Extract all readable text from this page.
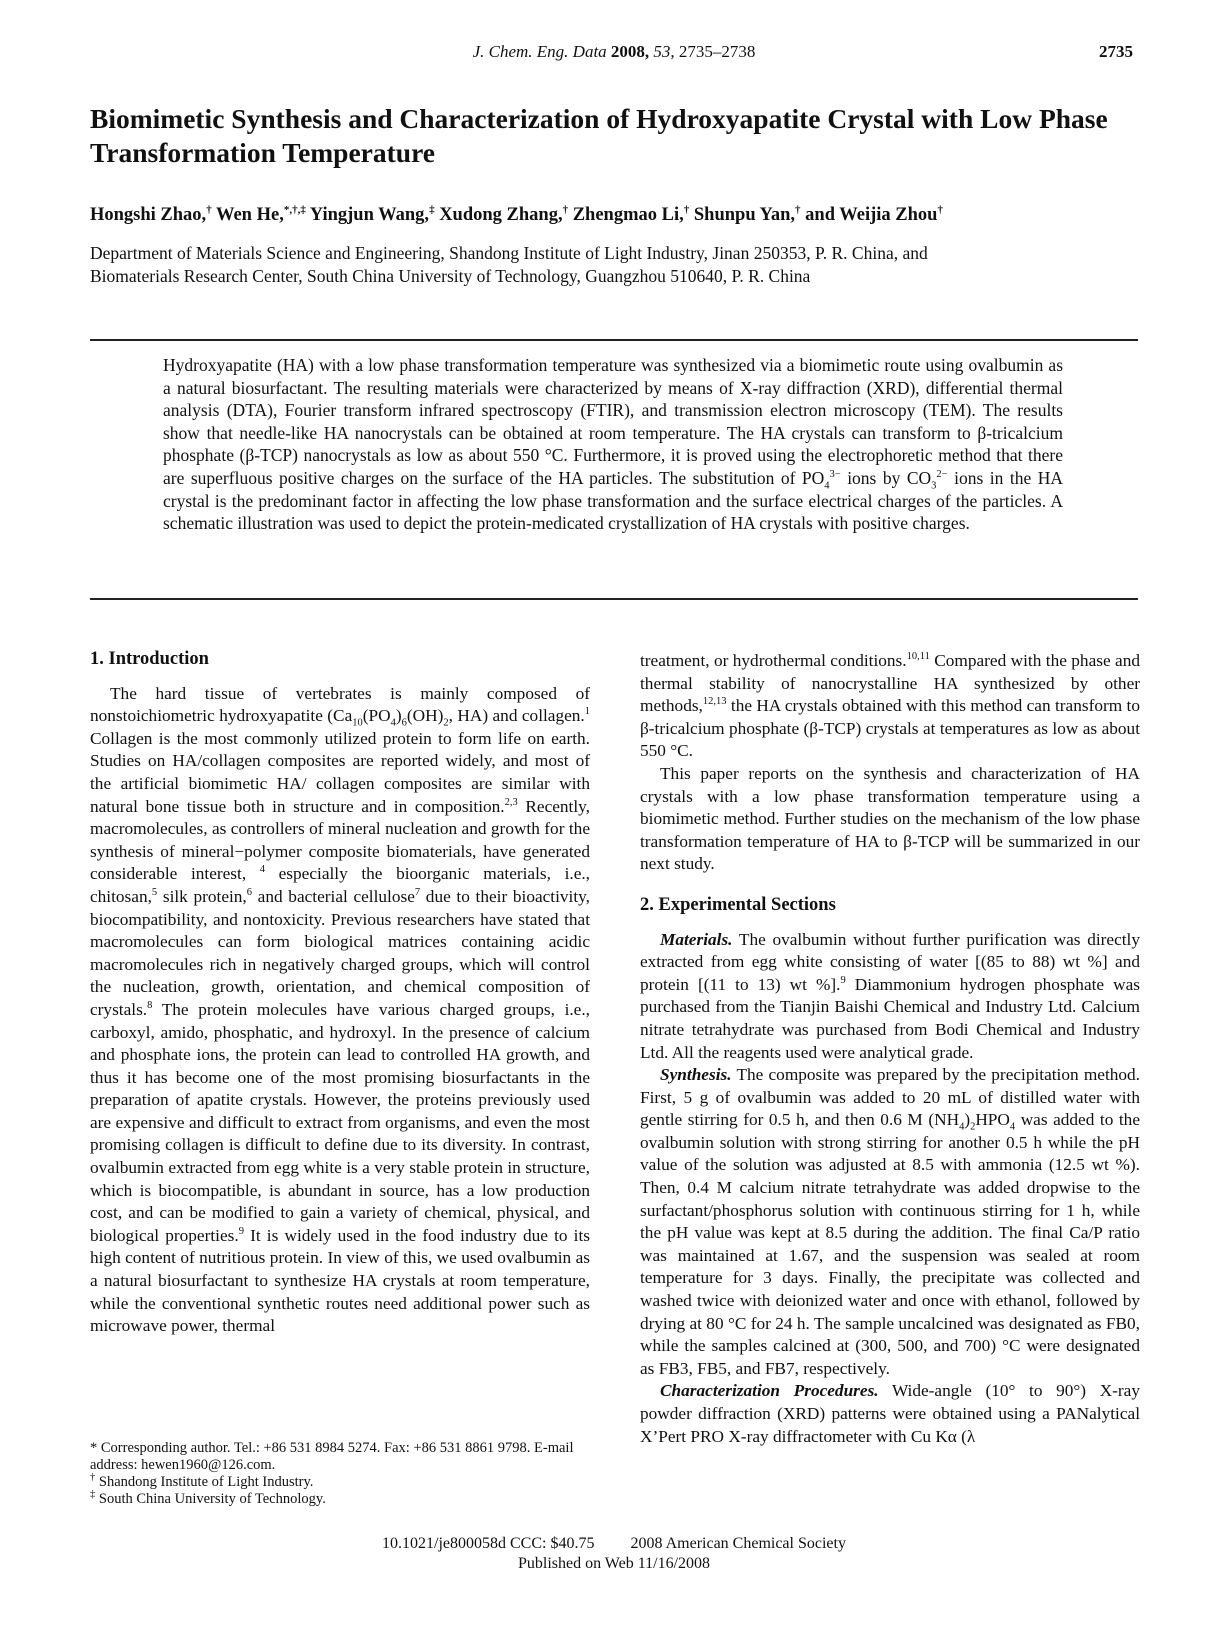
J. Chem. Eng. Data 2008, 53, 2735–2738	2735
Biomimetic Synthesis and Characterization of Hydroxyapatite Crystal with Low Phase Transformation Temperature
Hongshi Zhao,† Wen He,*,†,‡ Yingjun Wang,‡ Xudong Zhang,† Zhengmao Li,† Shunpu Yan,† and Weijia Zhou†
Department of Materials Science and Engineering, Shandong Institute of Light Industry, Jinan 250353, P. R. China, and
Biomaterials Research Center, South China University of Technology, Guangzhou 510640, P. R. China
Hydroxyapatite (HA) with a low phase transformation temperature was synthesized via a biomimetic route using ovalbumin as a natural biosurfactant. The resulting materials were characterized by means of X-ray diffraction (XRD), differential thermal analysis (DTA), Fourier transform infrared spectroscopy (FTIR), and transmission electron microscopy (TEM). The results show that needle-like HA nanocrystals can be obtained at room temperature. The HA crystals can transform to β-tricalcium phosphate (β-TCP) nanocrystals as low as about 550 °C. Furthermore, it is proved using the electrophoretic method that there are superfluous positive charges on the surface of the HA particles. The substitution of $PO_4^{3-}$ ions by $CO_3^{2-}$ ions in the HA crystal is the predominant factor in affecting the low phase transformation and the surface electrical charges of the particles. A schematic illustration was used to depict the protein-medicated crystallization of HA crystals with positive charges.
1. Introduction

The hard tissue of vertebrates is mainly composed of nonstoichiometric hydroxyapatite ($Ca_{10}(PO_4)_6(OH)_2$, HA) and collagen.$^1$ Collagen is the most commonly utilized protein to form life on earth. Studies on HA/collagen composites are reported widely, and most of the artificial biomimetic HA/ collagen composites are similar with natural bone tissue both in structure and in composition.$^{2,3}$ Recently, macromolecules, as controllers of mineral nucleation and growth for the synthesis of mineral−polymer composite biomaterials, have generated considerable interest, $^4$ especially the bioorganic materials, i.e., chitosan,$^5$ silk protein,$^6$ and bacterial cellulose$^7$ due to their bioactivity, biocompatibility, and nontoxicity. Previous researchers have stated that macromolecules can form biological matrices containing acidic macromolecules rich in negatively charged groups, which will control the nucleation, growth, orientation, and chemical composition of crystals.$^8$ The protein molecules have various charged groups, i.e., carboxyl, amido, phosphatic, and hydroxyl. In the presence of calcium and phosphate ions, the protein can lead to controlled HA growth, and thus it has become one of the most promising biosurfactants in the preparation of apatite crystals. However, the proteins previously used are expensive and difficult to extract from organisms, and even the most promising collagen is difficult to define due to its diversity. In contrast, ovalbumin extracted from egg white is a very stable protein in structure, which is biocompatible, is abundant in source, has a low production cost, and can be modified to gain a variety of chemical, physical, and biological properties.$^9$ It is widely used in the food industry due to its high content of nutritious protein. In view of this, we used ovalbumin as a natural biosurfactant to synthesize HA crystals at room temperature, while the conventional synthetic routes need additional power such as microwave power, thermal

* Corresponding author. Tel.: +86 531 8984 5274. Fax: +86 531 8861 9798. E-mail address: hewen1960@126.com.
† Shandong Institute of Light Industry.
‡ South China University of Technology.

treatment, or hydrothermal conditions.$^{10,11}$ Compared with the phase and thermal stability of nanocrystalline HA synthesized by other methods,$^{12,13}$ the HA crystals obtained with this method can transform to β-tricalcium phosphate (β-TCP) crystals at temperatures as low as about 550 °C.

This paper reports on the synthesis and characterization of HA crystals with a low phase transformation temperature using a biomimetic method. Further studies on the mechanism of the low phase transformation temperature of HA to β-TCP will be summarized in our next study.

2. Experimental Sections

Materials. The ovalbumin without further purification was directly extracted from egg white consisting of water [(85 to 88) wt %] and protein [(11 to 13) wt %].$^9$ Diammonium hydrogen phosphate was purchased from the Tianjin Baishi Chemical and Industry Ltd. Calcium nitrate tetrahydrate was purchased from Bodi Chemical and Industry Ltd. All the reagents used were analytical grade.

Synthesis. The composite was prepared by the precipitation method. First, 5 g of ovalbumin was added to 20 mL of distilled water with gentle stirring for 0.5 h, and then 0.6 M $(NH_4)_2HPO_4$ was added to the ovalbumin solution with strong stirring for another 0.5 h while the pH value of the solution was adjusted at 8.5 with ammonia (12.5 wt %). Then, 0.4 M calcium nitrate tetrahydrate was added dropwise to the surfactant/phosphorus solution with continuous stirring for 1 h, while the pH value was kept at 8.5 during the addition. The final Ca/P ratio was maintained at 1.67, and the suspension was sealed at room temperature for 3 days. Finally, the precipitate was collected and washed twice with deionized water and once with ethanol, followed by drying at 80 °C for 24 h. The sample uncalcined was designated as FB0, while the samples calcined at (300, 500, and 700) °C were designated as FB3, FB5, and FB7, respectively.

Characterization Procedures. Wide-angle (10° to 90°) X-ray powder diffraction (XRD) patterns were obtained using a PANalytical X’Pert PRO X-ray diffractometer with Cu Kα (λ

10.1021/je800058d CCC: $40.75 2008 American Chemical Society
Published on Web 11/16/2008
